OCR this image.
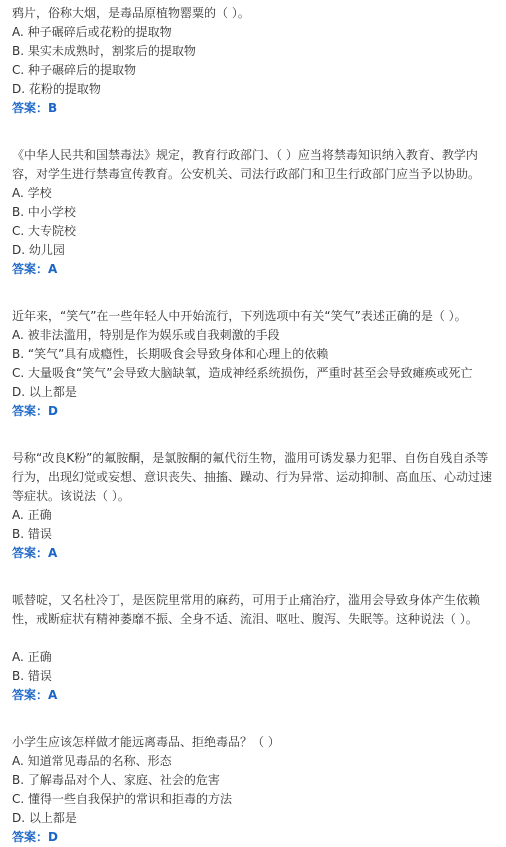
鸦片，俗称大烟，是毒品原植物罂粟的（ ）。

A. 种子碾碎后或花粉的提取物

B. 果实未成熟时，割浆后的提取物

C. 种子碾碎后的提取物

D. 花粉的提取物

答案：B

《中华人民共和国禁毒法》规定，教育行政部门、（ ）应当将禁毒知识纳入教育、教学内容，对学生进行禁毒宣传教育。公安机关、司法行政部门和卫生行政部门应当予以协助。

A. 学校

B. 中小学校

C. 大专院校

D. 幼儿园

答案：A

近年来，“笑气”在一些年轻人中开始流行，下列选项中有关“笑气”表述正确的是（ ）。

A. 被非法滥用，特别是作为娱乐或自我刺激的手段

B. “笑气”具有成瘾性，长期吸食会导致身体和心理上的依赖

C. 大量吸食“笑气”会导致大脑缺氧，造成神经系统损伤，严重时甚至会导致瘫痪或死亡

D. 以上都是

答案：D

号称“改良K粉”的氟胺酮，是氯胺酮的氟代衍生物，滥用可诱发暴力犯罪、自伤自残自杀等行为，出现幻觉或妄想、意识丧失、抽搐、躁动、行为异常、运动抑制、高血压、心动过速等症状。该说法（ ）。

A. 正确

B. 错误

答案：A

哌替啶，又名杜冷丁，是医院里常用的麻药，可用于止痛治疗，滥用会导致身体产生依赖性，戒断症状有精神萎靡不振、全身不适、流泪、呕吐、腹泻、失眠等。这种说法（ ）。

A. 正确

B. 错误

答案：A

小学生应该怎样做才能远离毒品、拒绝毒品？（ ）

A. 知道常见毒品的名称、形态

B. 了解毒品对个人、家庭、社会的危害

C. 懂得一些自我保护的常识和拒毒的方法

D. 以上都是

答案：D
